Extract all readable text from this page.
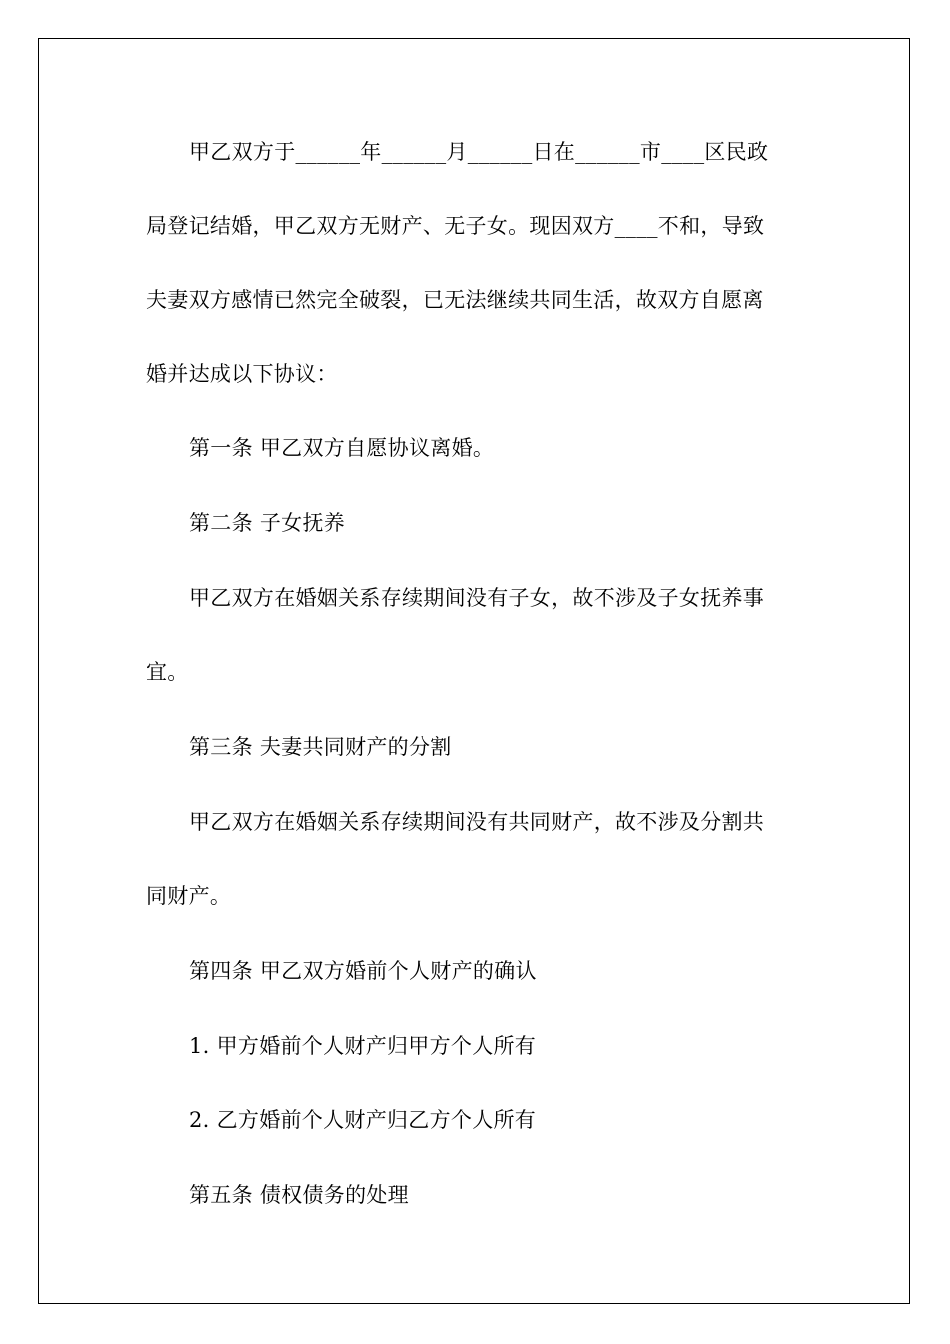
甲乙双方于______年______月______日在______市____区民政
局登记结婚，甲乙双方无财产、无子女。现因双方____不和，导致
夫妻双方感情已然完全破裂，已无法继续共同生活，故双方自愿离
婚并达成以下协议：
第一条 甲乙双方自愿协议离婚。
第二条 子女抚养
甲乙双方在婚姻关系存续期间没有子女，故不涉及子女抚养事
宜。
第三条 夫妻共同财产的分割
甲乙双方在婚姻关系存续期间没有共同财产，故不涉及分割共
同财产。
第四条 甲乙双方婚前个人财产的确认
1. 甲方婚前个人财产归甲方个人所有
2. 乙方婚前个人财产归乙方个人所有
第五条 债权债务的处理
